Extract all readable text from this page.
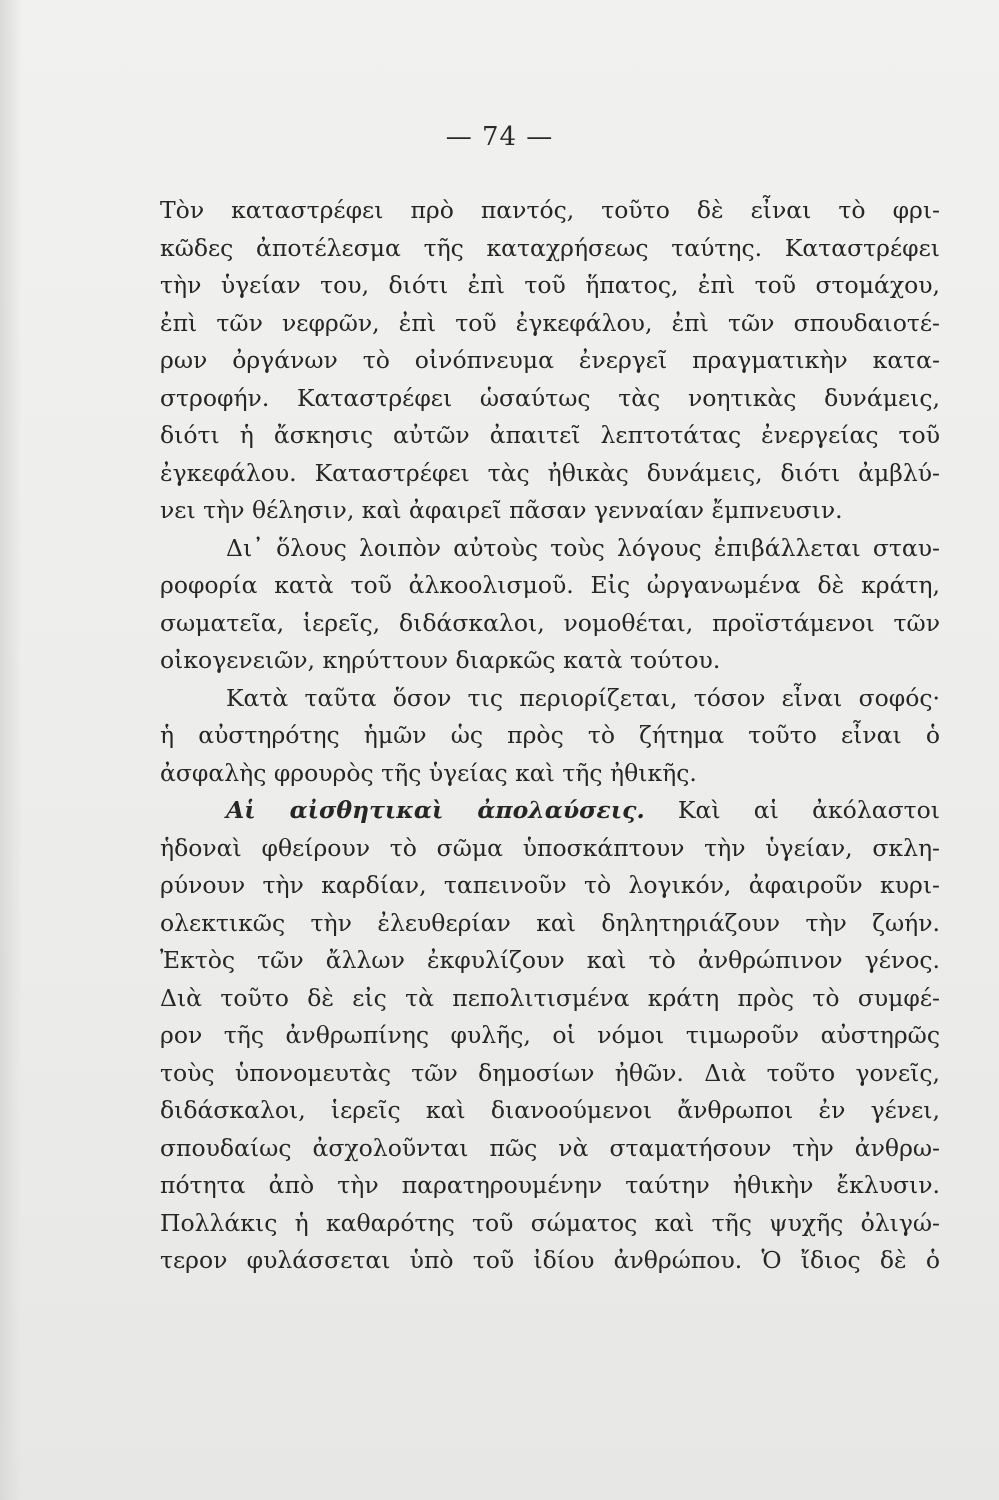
— 74 —
Τὸν καταστρέφει πρὸ παντός, τοῦτο δὲ εἶναι τὸ φρι-
κῶδες ἀποτέλεσμα τῆς καταχρήσεως ταύτης. Καταστρέφει
τὴν ὑγείαν του, διότι ἐπὶ τοῦ ἥπατος, ἐπὶ τοῦ στομάχου,
ἐπὶ τῶν νεφρῶν, ἐπὶ τοῦ ἐγκεφάλου, ἐπὶ τῶν σπουδαιοτέ-
ρων ὀργάνων τὸ οἰνόπνευμα ἐνεργεῖ πραγματικὴν κατα-
στροφήν. Καταστρέφει ὡσαύτως τὰς νοητικὰς δυνάμεις,
διότι ἡ ἄσκησις αὐτῶν ἀπαιτεῖ λεπτοτάτας ἐνεργείας τοῦ
ἐγκεφάλου. Καταστρέφει τὰς ἠθικὰς δυνάμεις, διότι ἀμβλύ-
νει τὴν θέλησιν, καὶ ἀφαιρεῖ πᾶσαν γενναίαν ἔμπνευσιν.
Δι᾽ ὅλους λοιπὸν αὐτοὺς τοὺς λόγους ἐπιβάλλεται σταυ-
ροφορία κατὰ τοῦ ἀλκοολισμοῦ. Εἰς ὠργανωμένα δὲ κράτη,
σωματεῖα, ἱερεῖς, διδάσκαλοι, νομοθέται, προϊστάμενοι τῶν
οἰκογενειῶν, κηρύττουν διαρκῶς κατὰ τούτου.
Κατὰ ταῦτα ὅσον τις περιορίζεται, τόσον εἶναι σοφός·
ἡ αὐστηρότης ἡμῶν ὡς πρὸς τὸ ζήτημα τοῦτο εἶναι ὁ
ἀσφαλὴς φρουρὸς τῆς ὑγείας καὶ τῆς ἠθικῆς.
Αἱ αἰσθητικαὶ ἀπολαύσεις. Καὶ αἱ ἀκόλαστοι
ἡδοναὶ φθείρουν τὸ σῶμα ὑποσκάπτουν τὴν ὑγείαν, σκλη-
ρύνουν τὴν καρδίαν, ταπεινοῦν τὸ λογικόν, ἀφαιροῦν κυρι-
ολεκτικῶς τὴν ἐλευθερίαν καὶ δηλητηριάζουν τὴν ζωήν.
Ἐκτὸς τῶν ἄλλων ἐκφυλίζουν καὶ τὸ ἀνθρώπινον γένος.
Διὰ τοῦτο δὲ εἰς τὰ πεπολιτισμένα κράτη πρὸς τὸ συμφέ-
ρον τῆς ἀνθρωπίνης φυλῆς, οἱ νόμοι τιμωροῦν αὐστηρῶς
τοὺς ὑπονομευτὰς τῶν δημοσίων ἠθῶν. Διὰ τοῦτο γονεῖς,
διδάσκαλοι, ἱερεῖς καὶ διανοούμενοι ἄνθρωποι ἐν γένει,
σπουδαίως ἀσχολοῦνται πῶς νὰ σταματήσουν τὴν ἀνθρω-
πότητα ἀπὸ τὴν παρατηρουμένην ταύτην ἠθικὴν ἔκλυσιν.
Πολλάκις ἡ καθαρότης τοῦ σώματος καὶ τῆς ψυχῆς ὀλιγώ-
τερον φυλάσσεται ὑπὸ τοῦ ἰδίου ἀνθρώπου. Ὁ ἴδιος δὲ ὁ
